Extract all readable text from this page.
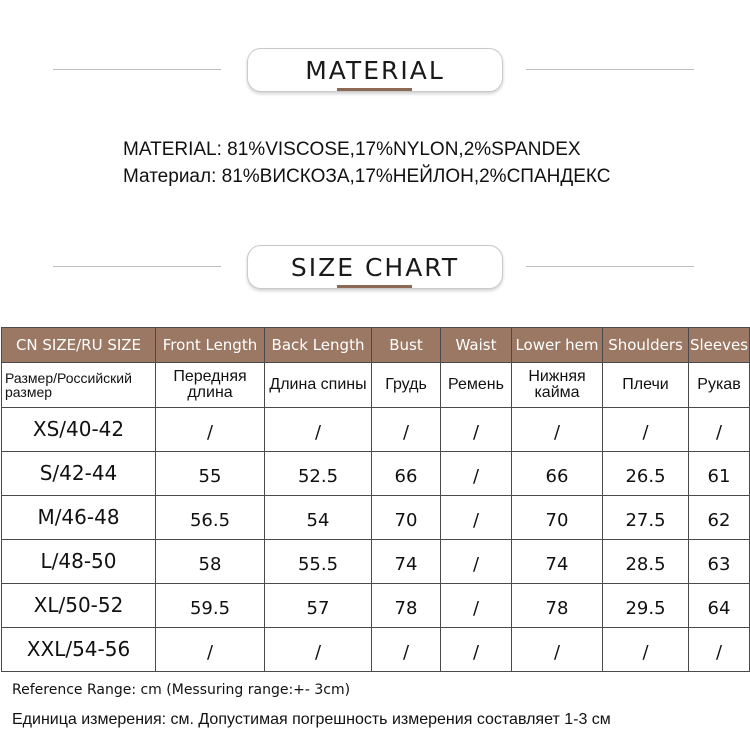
MATERIAL
MATERIAL: 81%VISCOSE,17%NYLON,2%SPANDEX
Материал: 81%ВИСКОЗА,17%НЕЙЛОН,2%СПАНДЕКС
SIZE CHART
CN SIZE/RU SIZE	Front Length	Back Length	Bust	Waist	Lower hem	Shoulders	Sleeves
Размер/Российский размер	Передняя длина	Длина спины	Грудь	Ремень	Нижняя кайма	Плечи	Рукав
XS/40-42	/	/	/	/	/	/	/
S/42-44	55	52.5	66	/	66	26.5	61
M/46-48	56.5	54	70	/	70	27.5	62
L/48-50	58	55.5	74	/	74	28.5	63
XL/50-52	59.5	57	78	/	78	29.5	64
XXL/54-56	/	/	/	/	/	/	/
Reference Range: cm (Messuring range:+- 3cm)
Единица измерения: см. Допустимая погрешность измерения составляет 1-3 см
